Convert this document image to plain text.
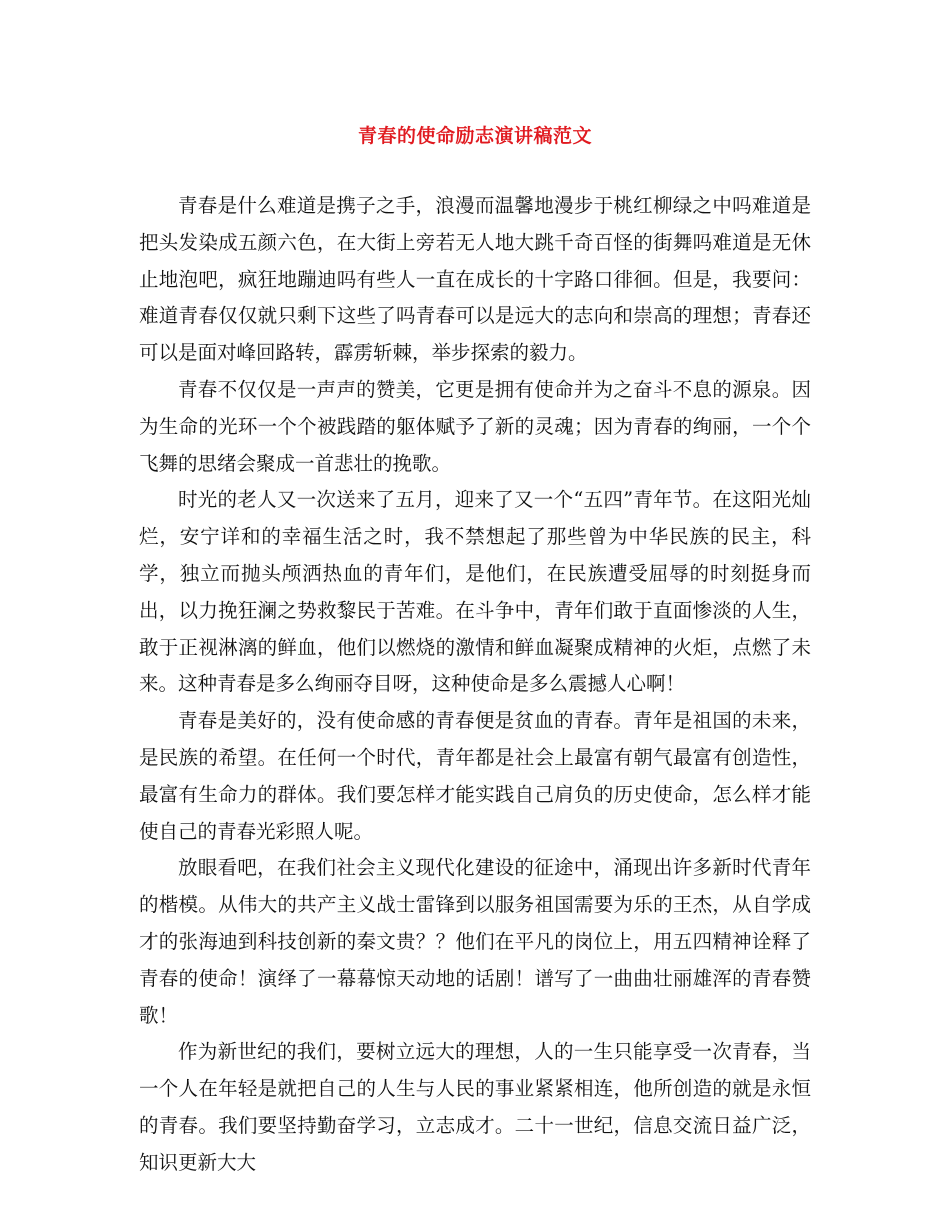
青春的使命励志演讲稿范文

青春是什么难道是携子之手，浪漫而温馨地漫步于桃红柳绿之中吗难道是把头发染成五颜六色，在大街上旁若无人地大跳千奇百怪的街舞吗难道是无休止地泡吧，疯狂地蹦迪吗有些人一直在成长的十字路口徘徊。但是，我要问：难道青春仅仅就只剩下这些了吗青春可以是远大的志向和崇高的理想；青春还可以是面对峰回路转，霹雳斩棘，举步探索的毅力。

青春不仅仅是一声声的赞美，它更是拥有使命并为之奋斗不息的源泉。因为生命的光环一个个被践踏的躯体赋予了新的灵魂；因为青春的绚丽，一个个飞舞的思绪会聚成一首悲壮的挽歌。

时光的老人又一次送来了五月，迎来了又一个“五四”青年节。在这阳光灿烂，安宁详和的幸福生活之时，我不禁想起了那些曾为中华民族的民主，科学，独立而抛头颅洒热血的青年们，是他们，在民族遭受屈辱的时刻挺身而出，以力挽狂澜之势救黎民于苦难。在斗争中，青年们敢于直面惨淡的人生，敢于正视淋漓的鲜血，他们以燃烧的激情和鲜血凝聚成精神的火炬，点燃了未来。这种青春是多么绚丽夺目呀，这种使命是多么震撼人心啊！

青春是美好的，没有使命感的青春便是贫血的青春。青年是祖国的未来，是民族的希望。在任何一个时代，青年都是社会上最富有朝气最富有创造性，最富有生命力的群体。我们要怎样才能实践自己肩负的历史使命，怎么样才能使自己的青春光彩照人呢。

放眼看吧，在我们社会主义现代化建设的征途中，涌现出许多新时代青年的楷模。从伟大的共产主义战士雷锋到以服务祖国需要为乐的王杰，从自学成才的张海迪到科技创新的秦文贵？？他们在平凡的岗位上，用五四精神诠释了青春的使命！演绎了一幕幕惊天动地的话剧！谱写了一曲曲壮丽雄浑的青春赞歌！

作为新世纪的我们，要树立远大的理想，人的一生只能享受一次青春，当一个人在年轻是就把自己的人生与人民的事业紧紧相连，他所创造的就是永恒的青春。我们要坚持勤奋学习，立志成才。二十一世纪，信息交流日益广泛，知识更新大大
